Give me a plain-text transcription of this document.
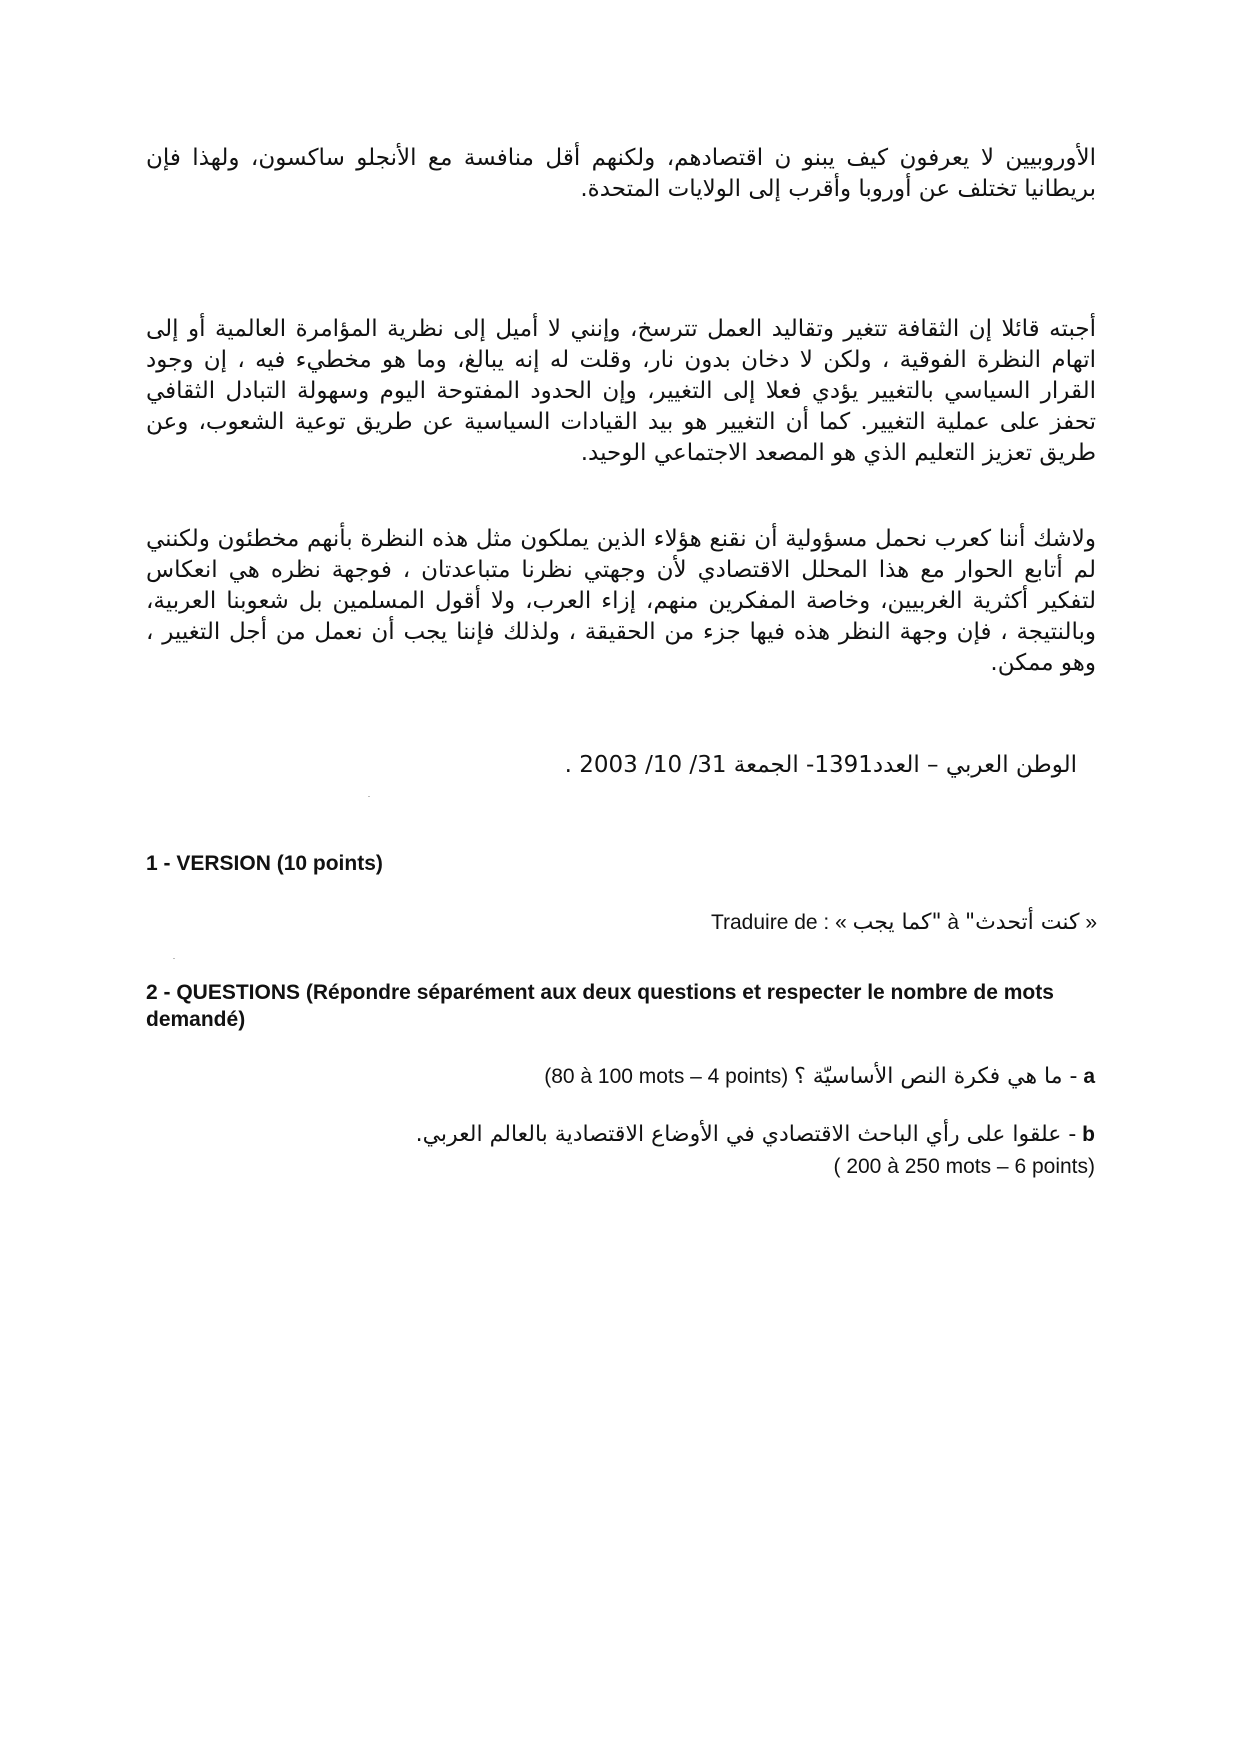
الأوروبيين لا يعرفون كيف يبنو ن اقتصادهم، ولكنهم أقل منافسة مع الأنجلو ساكسون، ولهذا فإن بريطانيا تختلف عن أوروبا وأقرب إلى الولايات المتحدة.

أجبته قائلا إن الثقافة تتغير وتقاليد العمل تترسخ، وإنني لا أميل إلى نظرية المؤامرة العالمية أو إلى اتهام النظرة الفوقية ، ولكن لا دخان بدون نار، وقلت له إنه يبالغ، وما هو مخطيء فيه ، إن وجود القرار السياسي بالتغيير يؤدي فعلا إلى التغيير، وإن الحدود المفتوحة اليوم وسهولة التبادل الثقافي تحفز على عملية التغيير. كما أن التغيير هو بيد القيادات السياسية عن طريق توعية الشعوب، وعن طريق تعزيز التعليم الذي هو المصعد الاجتماعي الوحيد.

ولاشك أننا كعرب نحمل مسؤولية أن نقنع هؤلاء الذين يملكون مثل هذه النظرة بأنهم مخطئون ولكنني لم أتابع الحوار مع هذا المحلل الاقتصادي لأن وجهتي نظرنا متباعدتان ، فوجهة نظره هي انعكاس لتفكير أكثرية الغربيين، وخاصة المفكرين منهم، إزاء العرب، ولا أقول المسلمين بل شعوبنا العربية، وبالنتيجة ، فإن وجهة النظر هذه فيها جزء من الحقيقة ، ولذلك فإننا يجب أن نعمل من أجل التغيير ، وهو ممكن.

الوطن العربي – العدد1391- الجمعة 31/ 10/ 2003 .
1 - VERSION (10 points)
Traduire de : «	"كما يجب à كنت أتحدث"	»
2 - QUESTIONS (Répondre séparément aux deux questions et respecter le nombre de mots demandé)
a - ما هي فكرة النص الأساسيّة ؟ (80 à 100 mots – 4 points)
b - علقوا على رأي الباحث الاقتصادي في الأوضاع الاقتصادية بالعالم العربي.
( 200 à 250 mots – 6 points)
